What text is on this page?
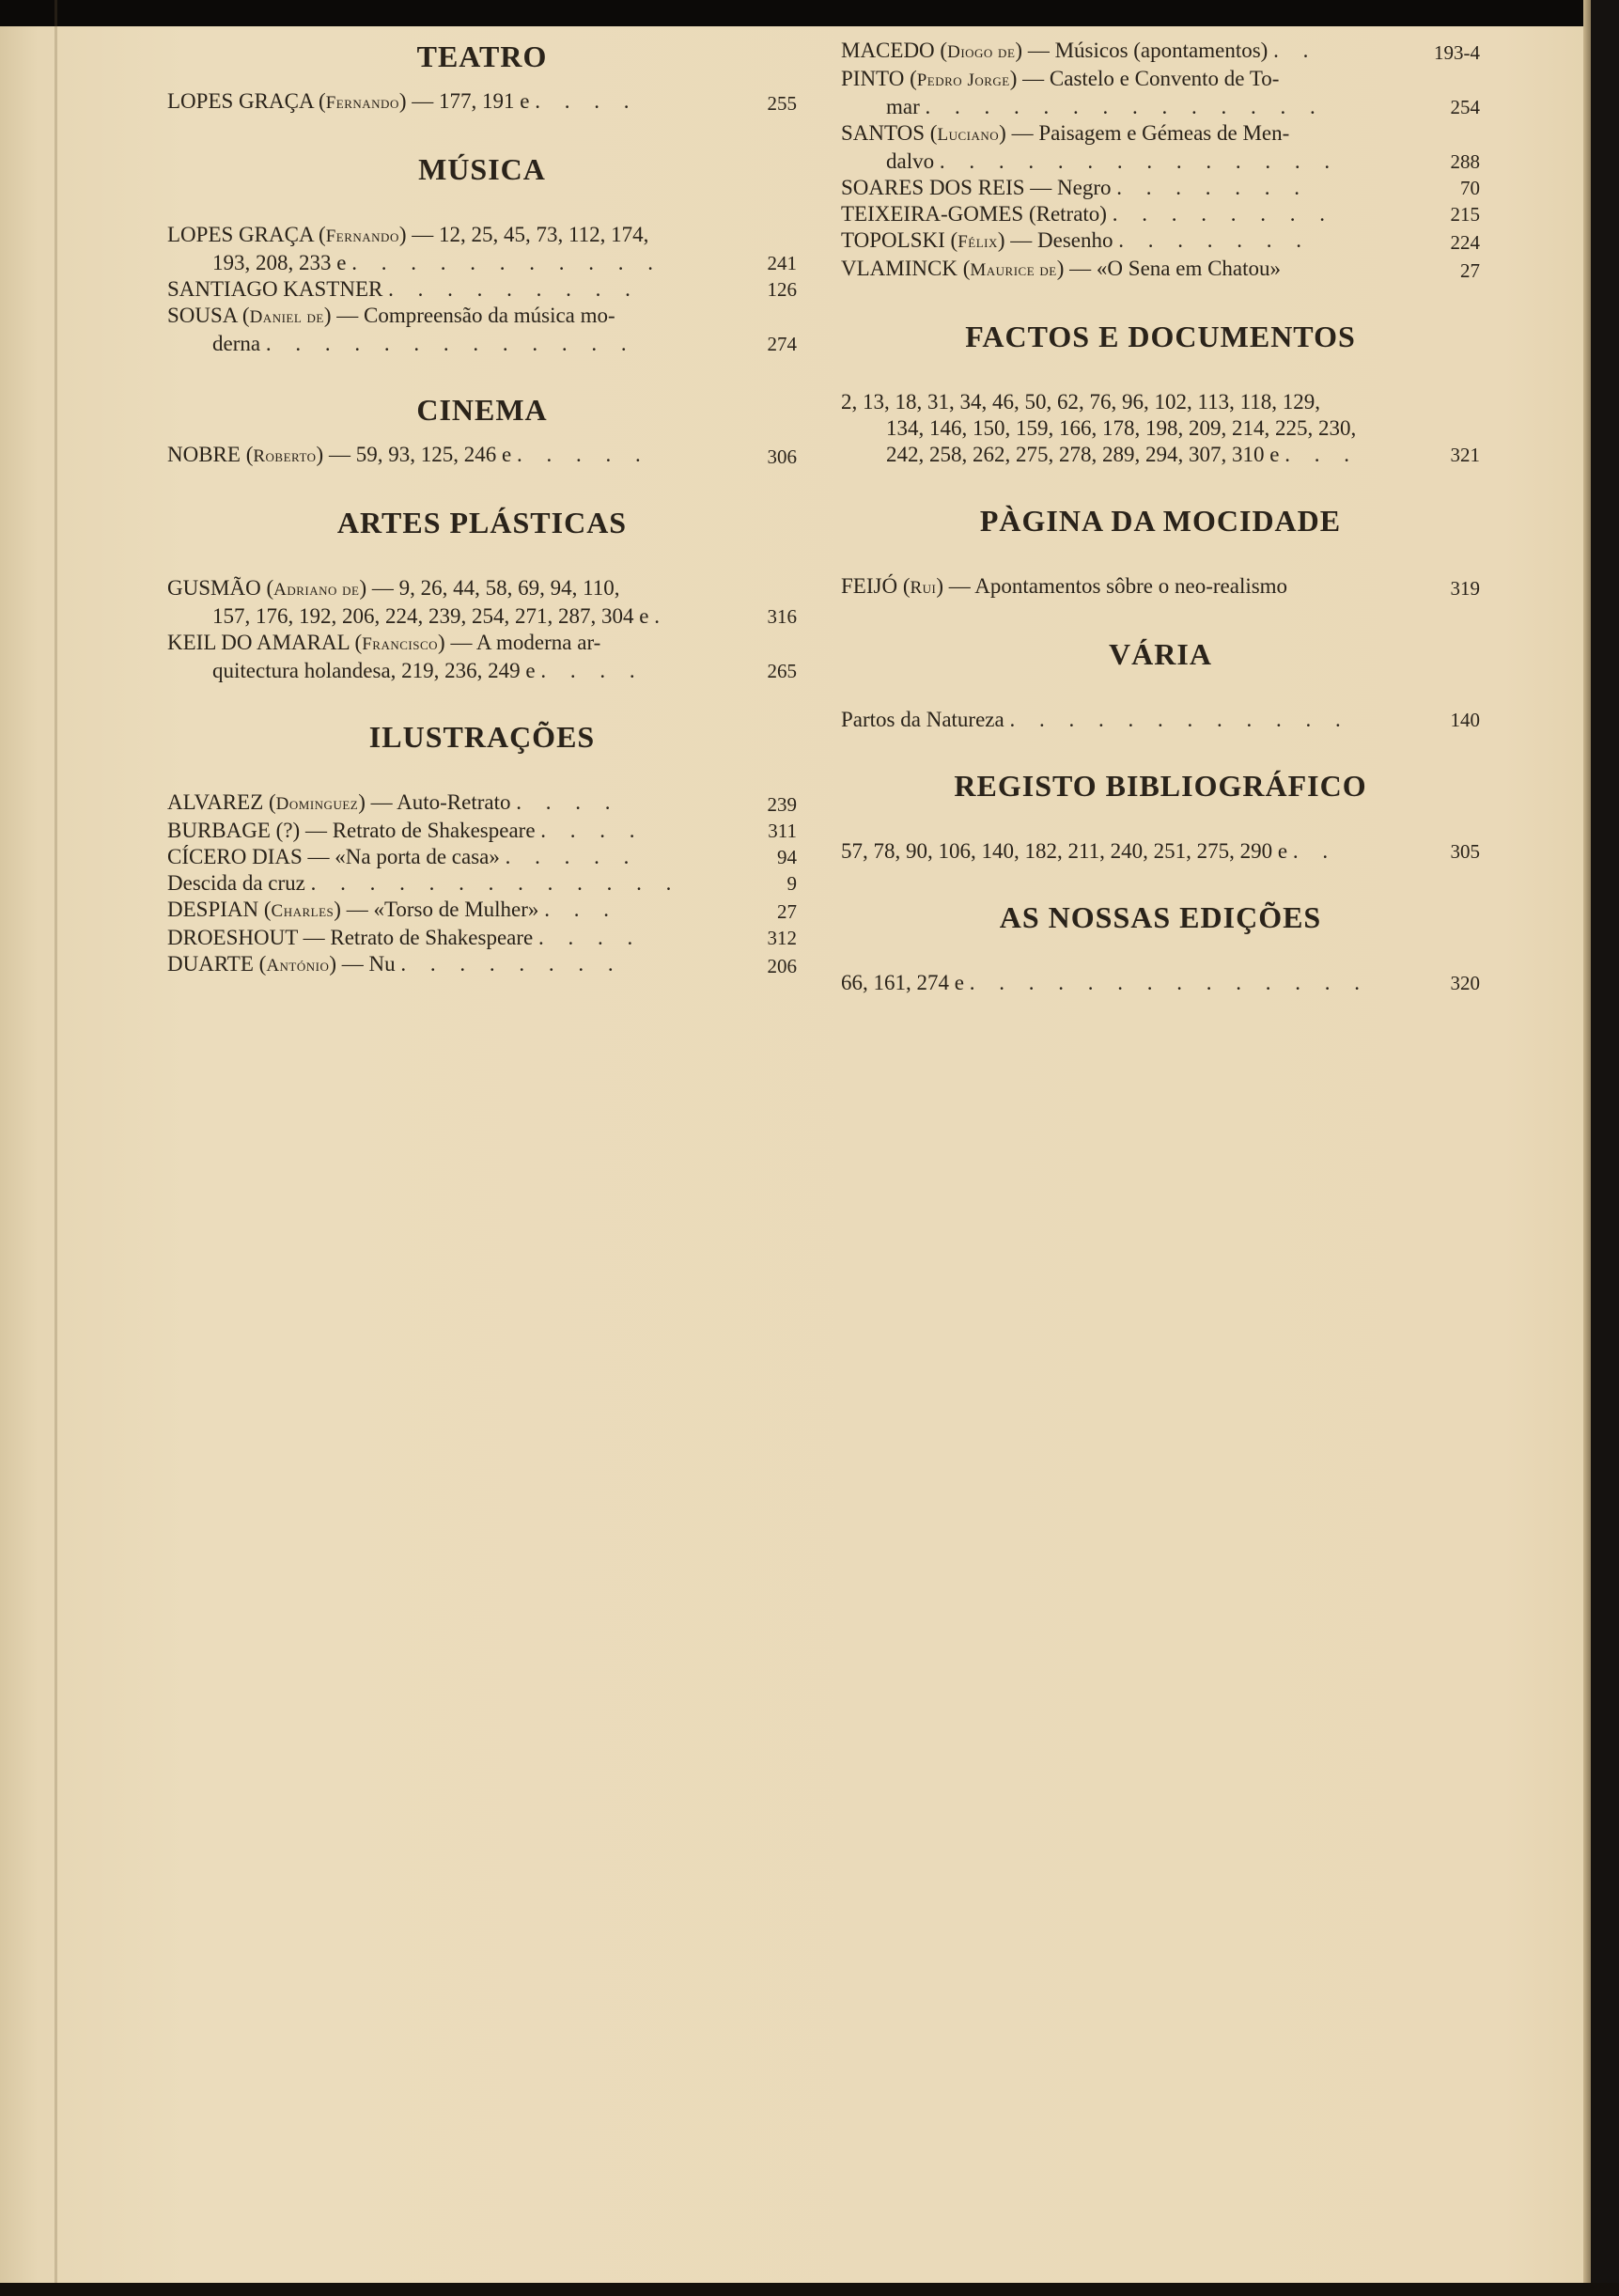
TEATRO
LOPES GRAÇA (Fernando) — 177, 191 e . . . .	255
MÚSICA
LOPES GRAÇA (Fernando) — 12, 25, 45, 73, 112, 174,
193, 208, 233 e . . . . . . . . . . .	241
SANTIAGO KASTNER . . . . . . . . .	126
SOUSA (Daniel de) — Compreensão da música mo-
derna . . . . . . . . . . . . .	274
CINEMA
NOBRE (Roberto) — 59, 93, 125, 246 e . . . . .	306
ARTES PLÁSTICAS
GUSMÃO (Adriano de) — 9, 26, 44, 58, 69, 94, 110,
157, 176, 192, 206, 224, 239, 254, 271, 287, 304 e .	316
KEIL DO AMARAL (Francisco) — A moderna ar-
quitectura holandesa, 219, 236, 249 e . . . .	265
ILUSTRAÇÕES
ALVAREZ (Dominguez) — Auto-Retrato . . . .	239
BURBAGE (?) — Retrato de Shakespeare . . . .	311
CÍCERO DIAS — «Na porta de casa» . . . . .	94
Descida da cruz . . . . . . . . . . . . .	9
DESPIAN (Charles) — «Torso de Mulher» . . .	27
DROESHOUT — Retrato de Shakespeare . . . .	312
DUARTE (António) — Nu . . . . . . . .	206
MACEDO (Diogo de) — Músicos (apontamentos) . .	193-4
PINTO (Pedro Jorge) — Castelo e Convento de To-
mar . . . . . . . . . . . . . .	254
SANTOS (Luciano) — Paisagem e Gémeas de Men-
dalvo . . . . . . . . . . . . . .	288
SOARES DOS REIS — Negro . . . . . . .	70
TEIXEIRA-GOMES (Retrato) . . . . . . . .	215
TOPOLSKI (Félix) — Desenho . . . . . . .	224
VLAMINCK (Maurice de) — «O Sena em Chatou»	27
FACTOS E DOCUMENTOS
2, 13, 18, 31, 34, 46, 50, 62, 76, 96, 102, 113, 118, 129,
134, 146, 150, 159, 166, 178, 198, 209, 214, 225, 230,
242, 258, 262, 275, 278, 289, 294, 307, 310 e . . .	321
PÀGINA DA MOCIDADE
FEIJÓ (Rui) — Apontamentos sôbre o neo-realismo	319
VÁRIA
Partos da Natureza . . . . . . . . . . . .	140
REGISTO BIBLIOGRÁFICO
57, 78, 90, 106, 140, 182, 211, 240, 251, 275, 290 e . .	305
AS NOSSAS EDIÇÕES
66, 161, 274 e . . . . . . . . . . . . . .	320
